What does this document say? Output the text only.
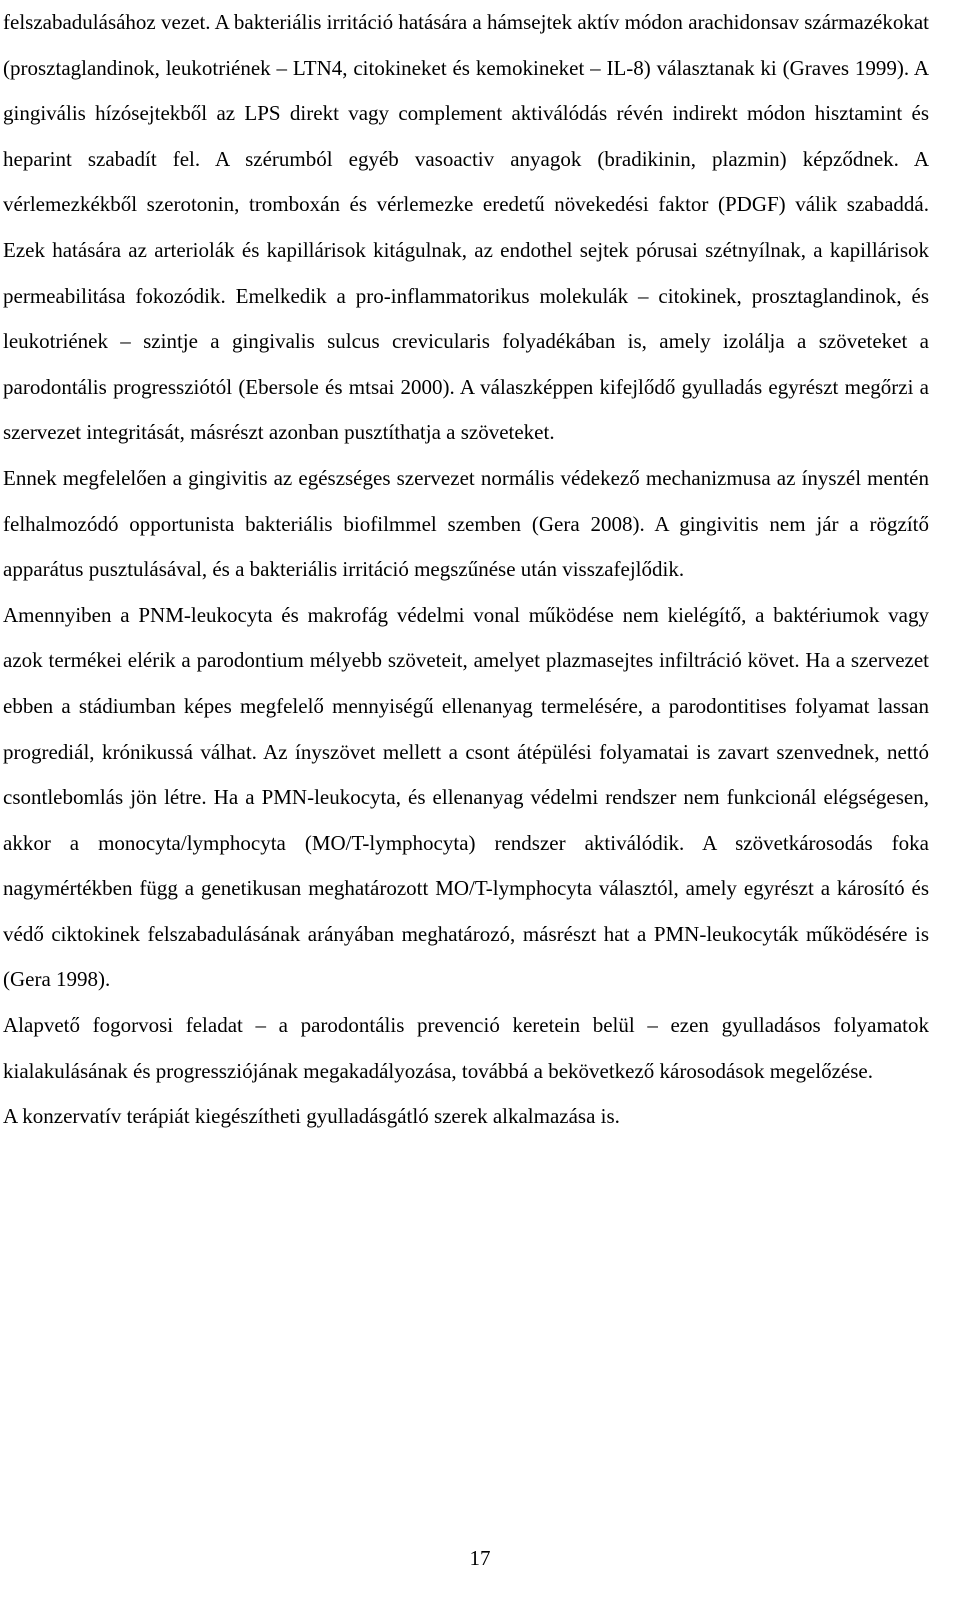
felszabadulásához vezet. A bakteriális irritáció hatására a hámsejtek aktív módon arachidonsav származékokat (prosztaglandinok, leukotriének – LTN4, citokineket és kemokineket – IL-8) választanak ki (Graves 1999). A gingivális hízósejtekből az LPS direkt vagy complement aktiválódás révén indirekt módon hisztamint és heparint szabadít fel. A szérumból egyéb vasoactiv anyagok (bradikinin, plazmin) képződnek. A vérlemezkékből szerotonin, tromboxán és vérlemezke eredetű növekedési faktor (PDGF) válik szabaddá. Ezek hatására az arteriolák és kapillárisok kitágulnak, az endothel sejtek pórusai szétnyílnak, a kapillárisok permeabilitása fokozódik. Emelkedik a pro-inflammatorikus molekulák – citokinek, prosztaglandinok, és leukotriének – szintje a gingivalis sulcus crevicularis folyadékában is, amely izolálja a szöveteket a parodontális progressziótól (Ebersole és mtsai 2000). A válaszképpen kifejlődő gyulladás egyrészt megőrzi a szervezet integritását, másrészt azonban pusztíthatja a szöveteket.

Ennek megfelelően a gingivitis az egészséges szervezet normális védekező mechanizmusa az ínyszél mentén felhalmozódó opportunista bakteriális biofilmmel szemben (Gera 2008). A gingivitis nem jár a rögzítő apparátus pusztulásával, és a bakteriális irritáció megszűnése után visszafejlődik.

Amennyiben a PNM-leukocyta és makrofág védelmi vonal működése nem kielégítő, a baktériumok vagy azok termékei elérik a parodontium mélyebb szöveteit, amelyet plazmasejtes infiltráció követ. Ha a szervezet ebben a stádiumban képes megfelelő mennyiségű ellenanyag termelésére, a parodontitises folyamat lassan progrediál, krónikussá válhat. Az ínyszövet mellett a csont átépülési folyamatai is zavart szenvednek, nettó csontlebomlás jön létre. Ha a PMN-leukocyta, és ellenanyag védelmi rendszer nem funkcionál elégségesen, akkor a monocyta/lymphocyta (MO/T-lymphocyta) rendszer aktiválódik. A szövetkárosodás foka nagymértékben függ a genetikusan meghatározott MO/T-lymphocyta választól, amely egyrészt a károsító és védő ciktokinek felszabadulásának arányában meghatározó, másrészt hat a PMN-leukocyták működésére is (Gera 1998).

Alapvető fogorvosi feladat – a parodontális prevenció keretein belül – ezen gyulladásos folyamatok kialakulásának és progressziójának megakadályozása, továbbá a bekövetkező károsodások megelőzése.

A konzervatív terápiát kiegészítheti gyulladásgátló szerek alkalmazása is.

17
